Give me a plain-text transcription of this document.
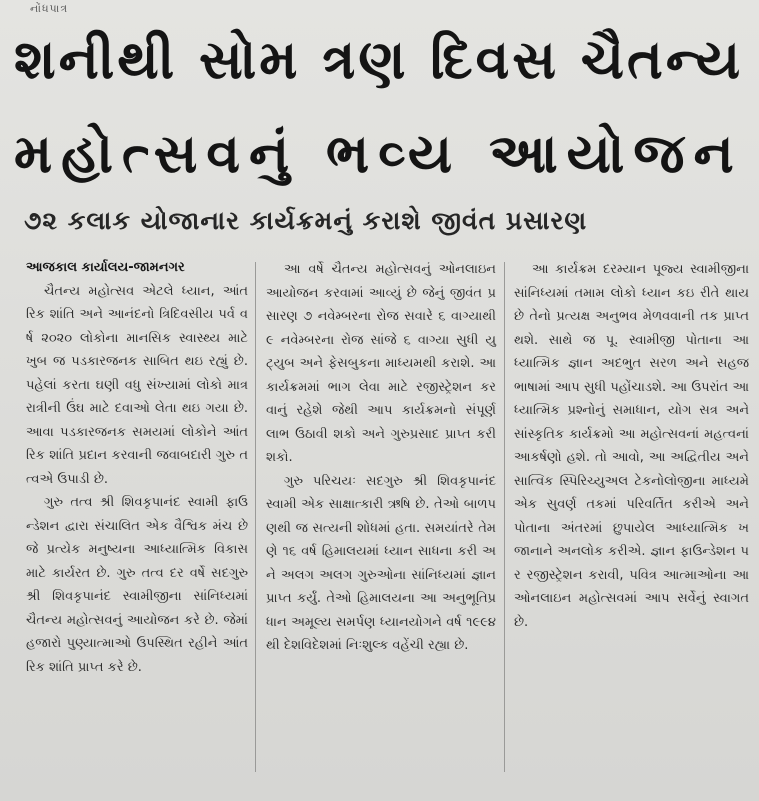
નોંધપાત્ર
શનીથી સોમ ત્રણ દિવસ ચૈતન્ય
મહોત્સવનું ભવ્ય આયોજન
૭૨ કલાક યોજાનાર કાર્યક્રમનું કરાશે જીવંત પ્રસારણ
આજકાલ કાર્યાલય-જામનગર

ચૈતન્ય મહોત્સવ એટલે ધ્યાન, આંતરિક શાંતિ અને આનંદનો ત્રિદિવસીય પર્વ વર્ષ ૨૦૨૦ લોકોના માનસિક સ્વાસ્થ્ય માટે ખુબ જ પડકારજનક સાબિત થઇ રહ્યું છે. પહેલાં કરતા ઘણી વધુ સંખ્યામાં લોકો માત્ર રાત્રીની ઉંઘ માટે દવાઓ લેતા થઇ ગયા છે. આવા પડકારજનક સમયમાં લોકોને આંતરિક શાંતિ પ્રદાન કરવાની જવાબદારી ગુરુ તત્વએ ઉપાડી છે.

ગુરુ તત્વ શ્રી શિવકૃપાનંદ સ્વામી ફાઉન્ડેશન દ્વારા સંચાલિત એક વૈશ્વિક મંચ છે જે પ્રત્યેક મનુષ્યના આધ્યાત્મિક વિકાસ માટે કાર્યરત છે. ગુરુ તત્વ દર વર્ષે સદગુરુ શ્રી શિવકૃપાનંદ સ્વામીજીના સાંનિધ્યમાં ચૈતન્ય મહોત્સવનું આયોજન કરે છે. જેમાં હજારો પુણ્યાત્માઓ ઉપસ્થિત રહીને આંતરિક શાંતિ પ્રાપ્ત કરે છે.

આ વર્ષે ચૈતન્ય મહોત્સવનું ઓનલાઇન આયોજન કરવામાં આવ્યું છે જેનું જીવંત પ્રસારણ ૭ નવેમ્બરના રોજ સવારે ૬ વાગ્યાથી ૯ નવેમ્બરના રોજ સાંજે ૬ વાગ્યા સુધી યુ ટ્યુબ અને ફેસબુકના માધ્યમથી કરાશે. આ કાર્યક્રમમાં ભાગ લેવા માટે રજીસ્ટ્રેશન કરવાનું રહેશે જેથી આપ કાર્યક્રમનો સંપૂર્ણ લાભ ઉઠાવી શકો અને ગુરુપ્રસાદ પ્રાપ્ત કરી શકો.

ગુરુ પરિચયઃ સદગુરુ શ્રી શિવકૃપાનંદ સ્વામી એક સાક્ષાત્કારી ઋષિ છે. તેઓ બાળપણથી જ સત્યની શોધમાં હતા. સમયાંતરે તેમણે ૧૬ વર્ષ હિમાલયમાં ધ્યાન સાધના કરી અને અલગ અલગ ગુરુઓના સાંનિધ્યમાં જ્ઞાન પ્રાપ્ત કર્યું. તેઓ હિમાલયના આ અનુભૂતિપ્રધાન અમૂલ્ય સમર્પણ ધ્યાનયોગને વર્ષ ૧૯૯૪ થી દેશવિદેશમાં નિઃશુલ્ક વહેંચી રહ્યા છે.

આ કાર્યક્રમ દરમ્યાન પૂજ્ય સ્વામીજીના સાંનિધ્યમાં તમામ લોકો ધ્યાન કઇ રીતે થાય છે તેનો પ્રત્યક્ષ અનુભવ મેળવવાની તક પ્રાપ્ત થશે. સાથે જ પૂ. સ્વામીજી પોતાના આધ્યાત્મિક જ્ઞાન અદભુત સરળ અને સહજ ભાષામાં આપ સુધી પહોંચાડશે. આ ઉપરાંત આધ્યાત્મિક પ્રશ્નોનું સમાધાન, યોગ સત્ર અને સાંસ્કૃતિક કાર્યક્રમો આ મહોત્સવનાં મહત્વનાં આકર્ષણો હશે. તો આવો, આ અદ્વિતીય અને સાત્વિક સ્પિરિચ્યુઅલ ટેકનોલોજીના માધ્યમે એક સુવર્ણ તકમાં પરિવર્તિત કરીએ અને પોતાના અંતરમાં છુપાયેલ આધ્યાત્મિક ખજાનાને અનલોક કરીએ. જ્ઞાન ફાઉન્ડેશન પર રજીસ્ટ્રેશન કરાવી, પવિત્ર આત્માઓના આ ઓનલાઇન મહોત્સવમાં આપ સર્વેનું સ્વાગત છે.
